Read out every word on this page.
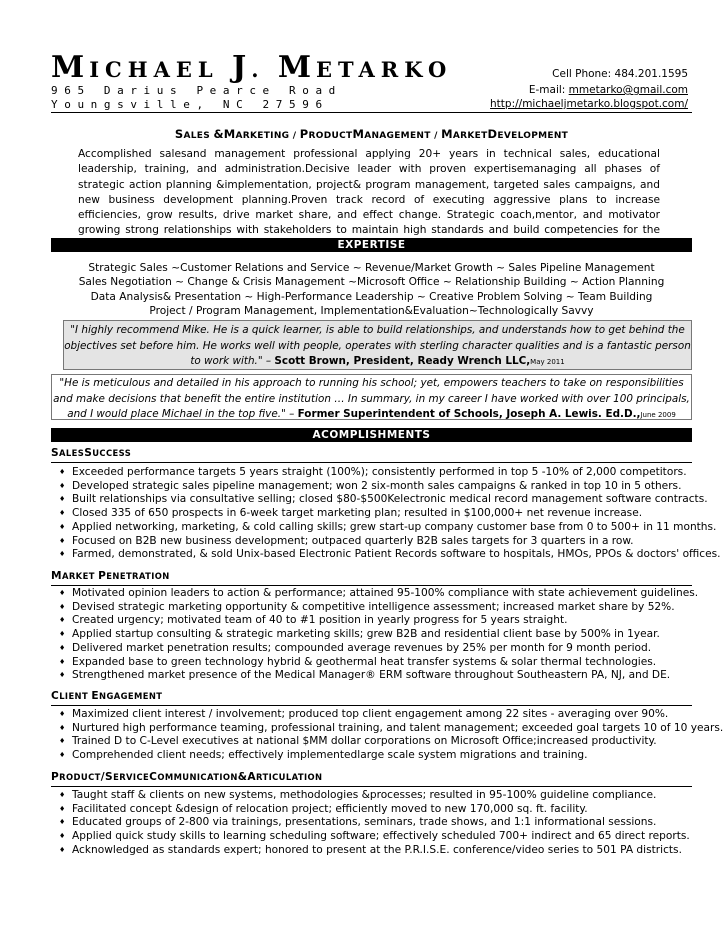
MICHAEL J. METARKO
965 Darius Pearce Road
Youngsville, NC 27596
Cell Phone: 484.201.1595
E-mail: mmetarko@gmail.com
http://michaeljmetarko.blogspot.com/
SALES &MARKETING / PRODUCTMANAGEMENT / MARKETDEVELOPMENT
Accomplished salesand management professional applying 20+ years in technical sales, educational leadership, training, and administration.Decisive leader with proven expertisemanaging all phases of strategic action planning &implementation, project& program management, targeted sales campaigns, and new business development planning.Proven track record of executing aggressive plans to increase efficiencies, grow results, drive market share, and effect change. Strategic coach,mentor, and motivator growing strong relationships with stakeholders to maintain high standards and build competencies for the
EXPERTISE
Strategic Sales ~Customer Relations and Service ~ Revenue/Market Growth ~ Sales Pipeline Management
Sales Negotiation ~ Change & Crisis Management ~Microsoft Office ~ Relationship Building ~ Action Planning
Data Analysis& Presentation ~ High-Performance Leadership ~ Creative Problem Solving ~ Team Building
Project / Program Management, Implementation&Evaluation~Technologically Savvy
"I highly recommend Mike. He is a quick learner, is able to build relationships, and understands how to get behind the objectives set before him. He works well with people, operates with sterling character qualities and is a fantastic person to work with." – Scott Brown, President, Ready Wrench LLC,May 2011
"He is meticulous and detailed in his approach to running his school; yet, empowers teachers to take on responsibilities and make decisions that benefit the entire institution … In summary, in my career I have worked with over 100 principals, and I would place Michael in the top five." – Former Superintendent of Schools, Joseph A. Lewis. Ed.D.,June 2009
ACOMPLISHMENTS
SALESSUCCESS
♦ Exceeded performance targets 5 years straight (100%); consistently performed in top 5 -10% of 2,000 competitors.
♦ Developed strategic sales pipeline management; won 2 six-month sales campaigns & ranked in top 10 in 5 others.
♦ Built relationships via consultative selling; closed $80-$500Kelectronic medical record management software contracts.
♦ Closed 335 of 650 prospects in 6-week target marketing plan; resulted in $100,000+ net revenue increase.
♦ Applied networking, marketing, & cold calling skills; grew start-up company customer base from 0 to 500+ in 11 months.
♦ Focused on B2B new business development; outpaced quarterly B2B sales targets for 3 quarters in a row.
♦ Farmed, demonstrated, & sold Unix-based Electronic Patient Records software to hospitals, HMOs, PPOs & doctors' offices.
MARKET PENETRATION
♦ Motivated opinion leaders to action & performance; attained 95-100% compliance with state achievement guidelines.
♦ Devised strategic marketing opportunity & competitive intelligence assessment; increased market share by 52%.
♦ Created urgency; motivated team of 40 to #1 position in yearly progress for 5 years straight.
♦ Applied startup consulting & strategic marketing skills; grew B2B and residential client base by 500% in 1year.
♦ Delivered market penetration results; compounded average revenues by 25% per month for 9 month period.
♦ Expanded base to green technology hybrid & geothermal heat transfer systems & solar thermal technologies.
♦ Strengthened market presence of the Medical Manager® ERM software throughout Southeastern PA, NJ, and DE.
CLIENT ENGAGEMENT
♦ Maximized client interest / involvement; produced top client engagement among 22 sites - averaging over 90%.
♦ Nurtured high performance teaming, professional training, and talent management; exceeded goal targets 10 of 10 years.
♦ Trained D to C-Level executives at national $MM dollar corporations on Microsoft Office;increased productivity.
♦ Comprehended client needs; effectively implementedlarge scale system migrations and training.
PRODUCT/SERVICECOMMUNICATION&ARTICULATION
♦ Taught staff & clients on new systems, methodologies &processes; resulted in 95-100% guideline compliance.
♦ Facilitated concept &design of relocation project; efficiently moved to new 170,000 sq. ft. facility.
♦ Educated groups of 2-800 via trainings, presentations, seminars, trade shows, and 1:1 informational sessions.
♦ Applied quick study skills to learning scheduling software; effectively scheduled 700+ indirect and 65 direct reports.
♦ Acknowledged as standards expert; honored to present at the P.R.I.S.E. conference/video series to 501 PA districts.
